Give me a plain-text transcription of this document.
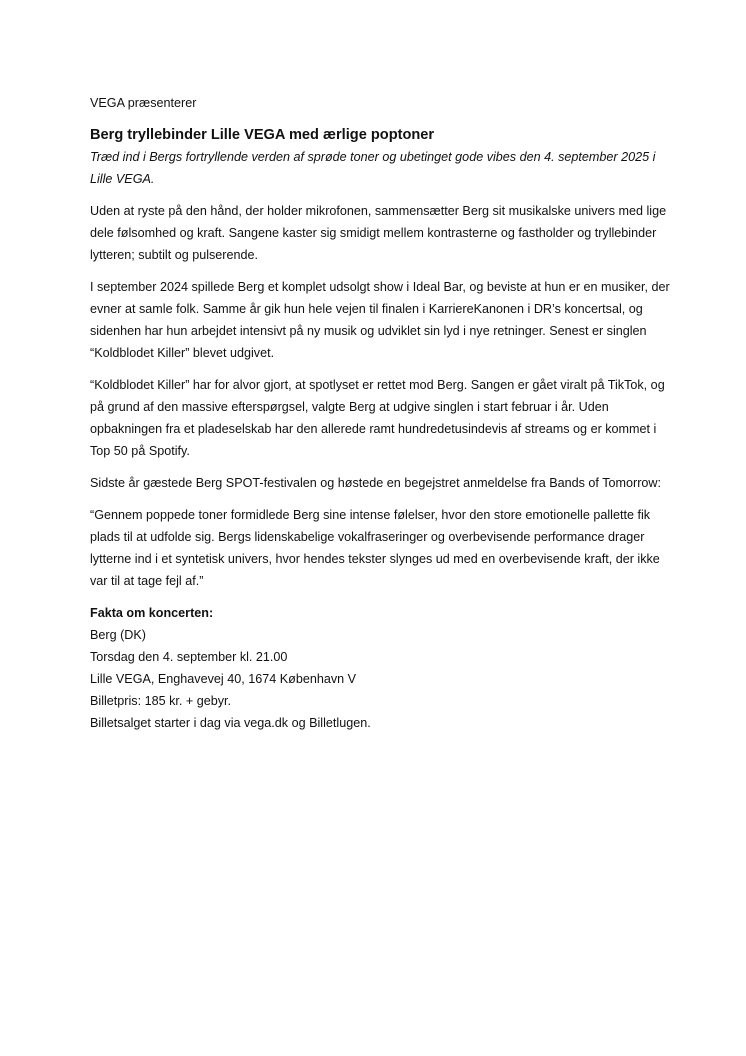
VEGA præsenterer

Berg tryllebinder Lille VEGA med ærlige poptoner

Træd ind i Bergs fortryllende verden af sprøde toner og ubetinget gode vibes den 4. september 2025 i Lille VEGA.

Uden at ryste på den hånd, der holder mikrofonen, sammensætter Berg sit musikalske univers med lige dele følsomhed og kraft. Sangene kaster sig smidigt mellem kontrasterne og fastholder og tryllebinder lytteren; subtilt og pulserende.

I september 2024 spillede Berg et komplet udsolgt show i Ideal Bar, og beviste at hun er en musiker, der evner at samle folk. Samme år gik hun hele vejen til finalen i KarriereKanonen i DR’s koncertsal, og sidenhen har hun arbejdet intensivt på ny musik og udviklet sin lyd i nye retninger. Senest er singlen “Koldblodet Killer” blevet udgivet.

“Koldblodet Killer” har for alvor gjort, at spotlyset er rettet mod Berg. Sangen er gået viralt på TikTok, og på grund af den massive efterspørgsel, valgte Berg at udgive singlen i start februar i år. Uden opbakningen fra et pladeselskab har den allerede ramt hundredetusindevis af streams og er kommet i Top 50 på Spotify.

Sidste år gæstede Berg SPOT-festivalen og høstede en begejstret anmeldelse fra Bands of Tomorrow:

“Gennem poppede toner formidlede Berg sine intense følelser, hvor den store emotionelle pallette fik plads til at udfolde sig. Bergs lidenskabelige vokalfraseringer og overbevisende performance drager lytterne ind i et syntetisk univers, hvor hendes tekster slynges ud med en overbevisende kraft, der ikke var til at tage fejl af.”

Fakta om koncerten:

Berg (DK)

Torsdag den 4. september kl. 21.00

Lille VEGA, Enghavevej 40, 1674 København V

Billetpris: 185 kr. + gebyr.

Billetsalget starter i dag via vega.dk og Billetlugen.
